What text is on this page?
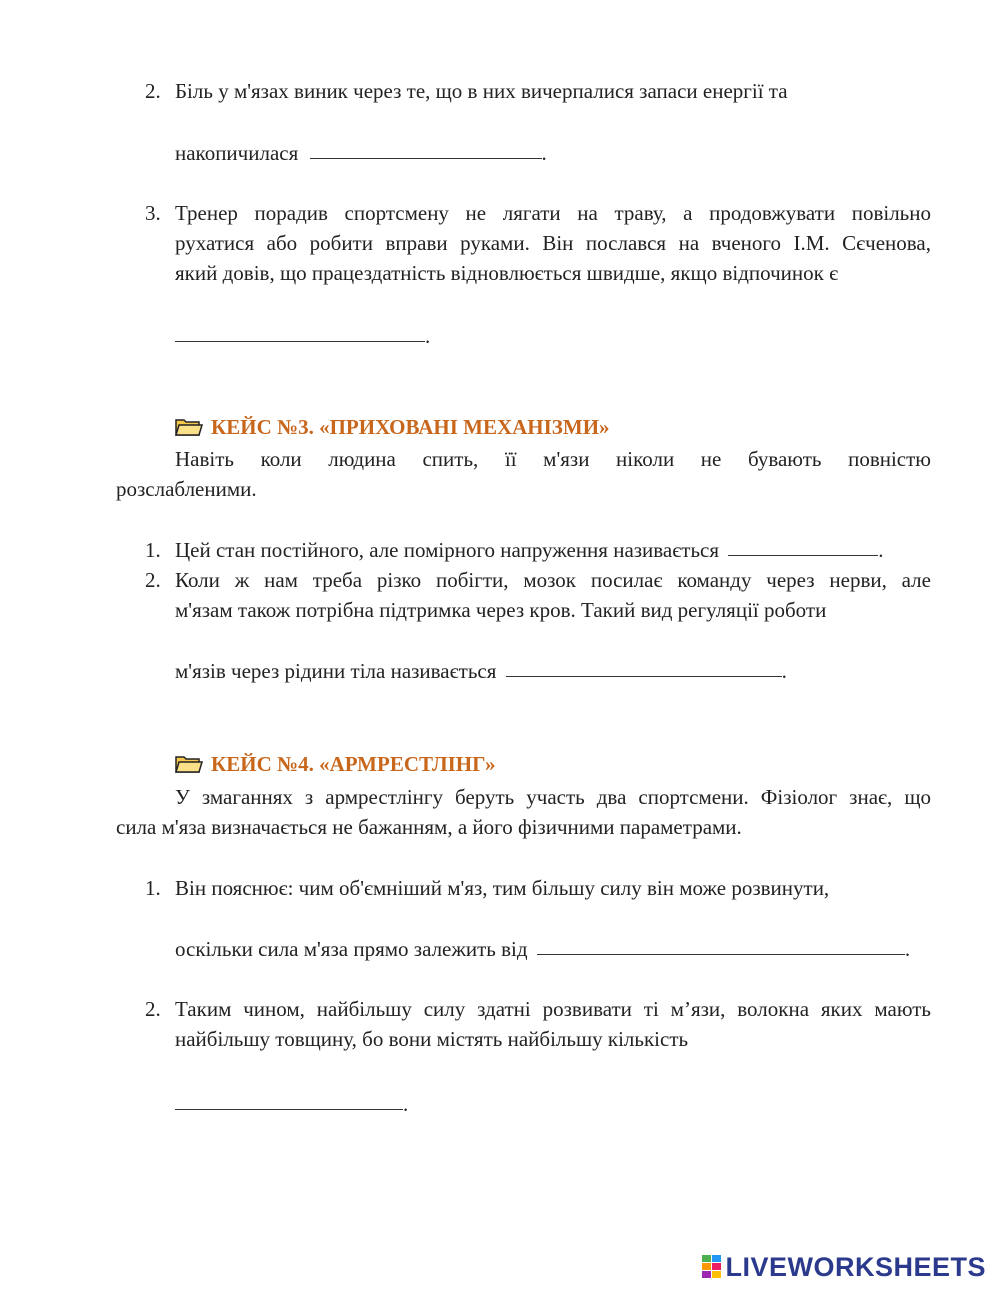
2. Біль у м'язах виник через те, що в них вичерпалися запаси енергії та
накопичилася	.
3. Тренер порадив спортсмену не лягати на траву, а продовжувати повільно
рухатися або робити вправи руками. Він послався на вченого І.М. Сєченова,
який довів, що працездатність відновлюється швидше, якщо відпочинок є
.
КЕЙС №3. «ПРИХОВАНІ МЕХАНІЗМИ»
Навіть коли людина спить, її м'язи ніколи не бувають повністю
розслабленими.
1. Цей стан постійного, але помірного напруження називається	.
2. Коли ж нам треба різко побігти, мозок посилає команду через нерви, але
м'язам також потрібна підтримка через кров. Такий вид регуляції роботи
м'язів через рідини тіла називається	.
КЕЙС №4. «АРМРЕСТЛІНГ»
У змаганнях з армрестлінгу беруть участь два спортсмени. Фізіолог знає, що
сила м'яза визначається не бажанням, а його фізичними параметрами.
1. Він пояснює: чим об'ємніший м'яз, тим більшу силу він може розвинути,
оскільки сила м'яза прямо залежить від	.
2. Таким чином, найбільшу силу здатні розвивати ті м’язи, волокна яких мають
найбільшу товщину, бо вони містять найбільшу кількість
.
LIVEWORKSHEETS
